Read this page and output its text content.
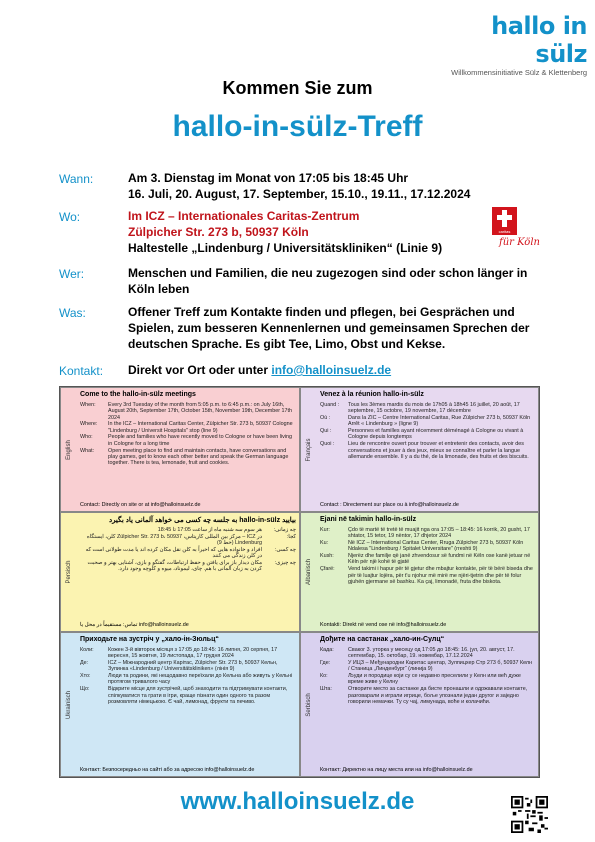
hallo in sülz
Willkommensinitiative Sülz & Klettenberg
Kommen Sie zum
hallo-in-sülz-Treff
Wann:	Am 3. Dienstag im Monat von 17:05 bis 18:45 Uhr
16. Juli, 20. August, 17. September, 15.10., 19.11., 17.12.2024
Wo:	Im ICZ – Internationales Caritas-Zentrum
Zülpicher Str. 273 b, 50937 Köln
Haltestelle „Lindenburg / Universitätskliniken“ (Linie 9)
caritas
für Köln
Wer:	Menschen und Familien, die neu zugezogen sind oder schon länger in
Köln leben
Was:	Offener Treff zum Kontakte finden und pflegen, bei Gesprächen und
Spielen, zum besseren Kennenlernen und gemeinsamen Sprechen der
deutschen Sprache. Es gibt Tee, Limo, Obst und Kekse.
Kontakt: Direkt vor Ort oder unter info@halloinsuelz.de
English
Come to the hallo-in-sülz meetings
When:	Every 3rd Tuesday of the month from 5:05 p.m. to 6:45 p.m.: on July 16th, August 20th, September 17th, October 15th, November 19th, December 17th 2024
Where:	In the ICZ – International Caritas Center, Zülpicher Str. 273 b, 50937 Cologne "Lindenburg / Universit Hospitals" stop (line 9)
Who:	People and families who have recently moved to Cologne or have been living in Cologne for a long time
What:	Open meeting place to find and maintain contacts, have conversations and play games, get to know each other better and speak the German language together. There is tea, lemonade, fruit and cookies.
Contact: Directly on site or at info@halloinsuelz.de
Français
Venez à la réunion hallo-in-sülz
Quand :	Tous les 3èmes mardis du mois de 17h05 à 18h45 16 juillet, 20 août, 17 septembre, 15 octobre, 19 novembre, 17 décembre
Où :	Dans la ZIC – Centre International Caritas, Rue Zülpicher 273 b, 50937 Köln Arrêt « Lindenburg » (ligne 9)
Qui :	Personnes et familles ayant récemment déménagé à Cologne ou vivant à Cologne depuis longtemps
Quoi :	Lieu de rencontre ouvert pour trouver et entretenir des contacts, avoir des conversations et jouer à des jeux, mieux se connaître et parler la langue allemande ensemble. Il y a du thé, de la limonade, des fruits et des biscuits.
Contact : Directement sur place ou à info@halloinsuelz.de
Persisch
بیایید hallo-in-sülz به جلسه چه کسی می خواهد آلمانی یاد بگیرد
چه زمانی:
هر سوم سه شنبه ماه از ساعت 17:05 تا 18:45
کجا:
در ICZ – مرکز بین المللی کاریتاس، Zülpicher Str. 273 b، 50937 کلن، ایستگاه Lindenburg (خط 9)
چه کسی:
افراد و خانواده هایی که اخیراً به کلن نقل مکان کرده اند یا مدت طولانی است که در کلن زندگی می کنند
چه چیزی:
مکان دیدار باز برای یافتن و حفظ ارتباطات، گفتگو و بازی، آشنایی بهتر و صحبت کردن به زبان آلمانی با هم. چای، لیموناد، میوه و کلوچه وجود دارد.
تماس: مستقیماً در محل یا info@halloinsuelz.de
Albanisch
Ejani në takimin hallo-in-sülz
Kur:	Çdo të martë të tretë të muajit nga ora 17:05 – 18:45: 16 korrik, 20 gusht, 17 shtator, 15 tetor, 19 nëntor, 17 dhjetor 2024
Ku:	Në ICZ – International Caritas Center, Rruga Zülpicher 273 b, 50937 Köln Ndalesa "Lindenburg / Spitalet Universitare" (rreshti 9)
Kush:	Njerëz dhe familje që janë zhvendosur së fundmi në Këln ose kanë jetuar në Këln për një kohë të gjatë
Çfarë:	Vend takimi i hapur për të gjetur dhe mbajtur kontakte, për të bërë biseda dhe për të luajtur lojëra, për t'u njohur më mirë me njëri-tjetrin dhe për të folur gjuhën gjermane së bashku. Ka çaj, limonadë, fruta dhe biskota.
Kontakti: Direkt në vend ose në info@halloinsuelz.de
Ukrainisch
Приходьте на зустріч у „хало-ін-Зюльц“
Коли:	Кожен 3-й вівторок місяця з 17:05 до 18:45: 16 липня, 20 серпня, 17 вересня, 15 жовтня, 19 листопада, 17 грудня 2024
Де:	ICZ – Міжнародний центр Карітас, Zülpicher Str. 273 b, 50937 Кельн, Зупинка «Lindenburg / Universitätskliniken» (лінія 9)
Хто:	Люди та родини, які нещодавно переїхали до Кельна або живуть у Кельні протягом тривалого часу
Що:	Відкрите місце для зустрічей, щоб знаходити та підтримувати контакти, спілкуватися та грати в ігри, краще пізнати один одного та разом розмовляти німецькою. Є чай, лимонад, фрукти та печиво.
Контакт: Безпосередньо на сайті або за адресою info@halloinsuelz.de
Serbisch
Дођите на састанак „хало-ин-Сулц“
Када:	Сваког 3. уторка у месецу од 17:05 до 18:45: 16. јул, 20. август, 17. септембар, 15. октобар, 19. новембар, 17.12.2024
Где:	У ИЦЗ – Међународни Каритас центар, Зулпицхер Стр 273 б, 50937 Келн / Станица „Линденбург“ (линија 9)
Ко:	Људи и породице који су се недавно преселили у Келн или већ дуже време живе у Келну
Шта:	Отворите место за састанке да бисте пронашли и одржавали контакте, разговарали и играли игрице, боље упознали један другог и заједно говорили немачки. Ту су чај, лимунада, воће и колачићи.
Контакт: Директно на лицу места или на info@halloinsuelz.de
www.halloinsuelz.de
